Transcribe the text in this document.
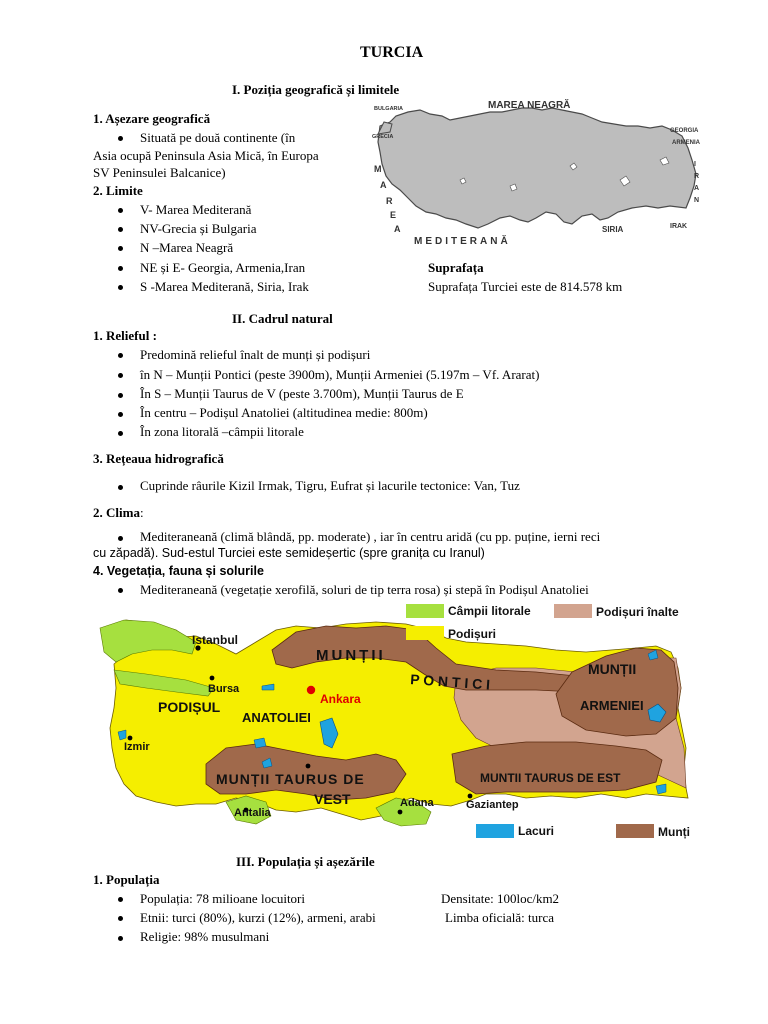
TURCIA
I. Poziția geografică și limitele
1. Așezare geografică
Situată pe două continente (în
Asia ocupă Peninsula Asia Mică, în Europa
SV Peninsulei Balcanice)
2. Limite
V- Marea Mediterană
NV-Grecia și Bulgaria
N –Marea Neagră
NE și E- Georgia, Armenia,Iran
S -Marea Mediterană, Siria, Irak
Suprafața
Suprafața Turciei este de 814.578 km
MAREA NEAGRĂ
BULGARIA
GRECIA
GEORGIA
ARMENIA
M
A
R
E
A
MEDITERANĂ
I
R
A
N
SIRIA	IRAK
II. Cadrul natural
1. Relieful :
Predomină relieful înalt de munți și podișuri
în N – Munții Pontici (peste 3900m), Munții Armeniei (5.197m – Vf. Ararat)
În S – Munții Taurus de V (peste 3.700m), Munții Taurus de E
În centru – Podișul Anatoliei (altitudinea medie: 800m)
În zona litorală –câmpii litorale
3. Rețeaua hidrografică
Cuprinde râurile Kizil Irmak, Tigru, Eufrat și lacurile tectonice: Van, Tuz
2. Clima:
Mediteraneană (climă blândă, pp. moderate) , iar în centru aridă (cu pp. puține, ierni reci
cu zăpadă). Sud-estul Turciei este semideșertic (spre granița cu Iranul)
4. Vegetația, fauna și solurile
Mediteraneană (vegetație xerofilă, soluri de tip terra rosa) și stepă în Podișul Anatoliei
Câmpii litorale	Podișuri înalte
Podișuri
Lacuri	Munți
Istanbul
Bursa
Izmir
Ankara
Antalia
Adana	Gaziantep
PODIȘUL
ANATOLIEI
MUNȚII
P O N T I C I
MUNȚII
ARMENIEI
MUNȚII TAURUS DE
VEST
MUNTII TAURUS DE EST
III. Populația și așezările
1. Populația
Populația: 78 milioane locuitori	Densitate: 100loc/km2
Etnii: turci (80%), kurzi (12%), armeni, arabi	Limba oficială: turca
Religie: 98% musulmani
